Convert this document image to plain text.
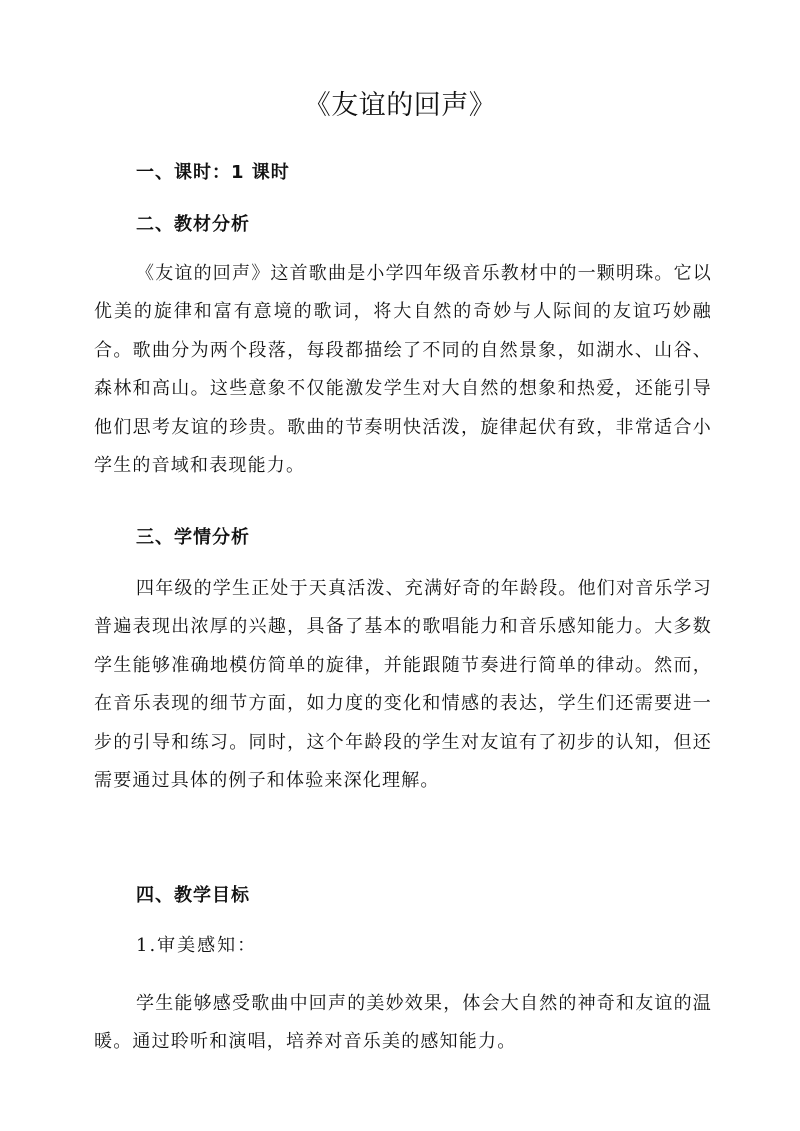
《友谊的回声》
一、课时：1 课时
二、教材分析

《友谊的回声》这首歌曲是小学四年级音乐教材中的一颗明珠。它以优美的旋律和富有意境的歌词，将大自然的奇妙与人际间的友谊巧妙融合。歌曲分为两个段落，每段都描绘了不同的自然景象，如湖水、山谷、森林和高山。这些意象不仅能激发学生对大自然的想象和热爱，还能引导他们思考友谊的珍贵。歌曲的节奏明快活泼，旋律起伏有致，非常适合小学生的音域和表现能力。

三、学情分析

四年级的学生正处于天真活泼、充满好奇的年龄段。他们对音乐学习普遍表现出浓厚的兴趣，具备了基本的歌唱能力和音乐感知能力。大多数学生能够准确地模仿简单的旋律，并能跟随节奏进行简单的律动。然而，在音乐表现的细节方面，如力度的变化和情感的表达，学生们还需要进一步的引导和练习。同时，这个年龄段的学生对友谊有了初步的认知，但还需要通过具体的例子和体验来深化理解。

四、教学目标
1.审美感知：

学生能够感受歌曲中回声的美妙效果，体会大自然的神奇和友谊的温暖。通过聆听和演唱，培养对音乐美的感知能力。
